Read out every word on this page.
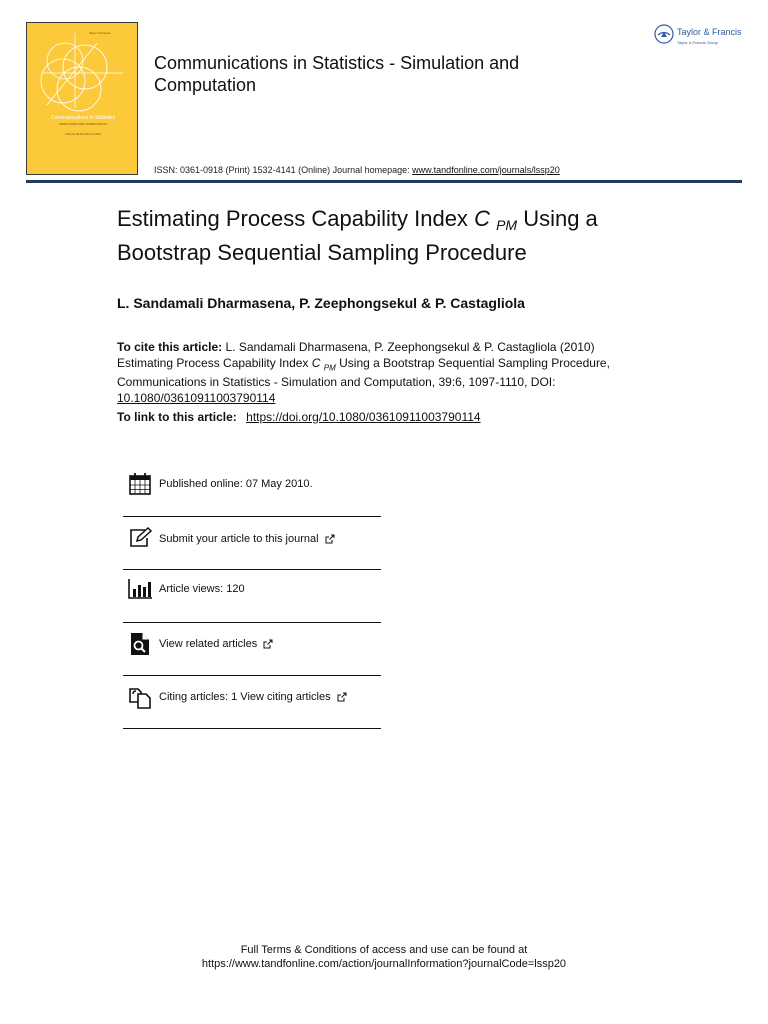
Taylor & Francis
Communications in Statistics
SIMULATION AND COMPUTATION
Volume 39 Number 6 2010
Communications in Statistics - Simulation and Computation
ISSN: 0361-0918 (Print) 1532-4141 (Online) Journal homepage: www.tandfonline.com/journals/lssp20
Taylor & Francis
Taylor & Francis Group
Estimating Process Capability Index C $_{PM}$ Using a Bootstrap Sequential Sampling Procedure
L. Sandamali Dharmasena, P. Zeephongsekul & P. Castagliola
To cite this article: L. Sandamali Dharmasena, P. Zeephongsekul & P. Castagliola (2010) Estimating Process Capability Index C $_{PM}$ Using a Bootstrap Sequential Sampling Procedure, Communications in Statistics - Simulation and Computation, 39:6, 1097-1110, DOI: 10.1080/03610911003790114
To link to this article: https://doi.org/10.1080/03610911003790114
Published online: 07 May 2010.
Submit your article to this journal
Article views: 120
View related articles
Citing articles: 1 View citing articles
Full Terms & Conditions of access and use can be found at
https://www.tandfonline.com/action/journalInformation?journalCode=lssp20
